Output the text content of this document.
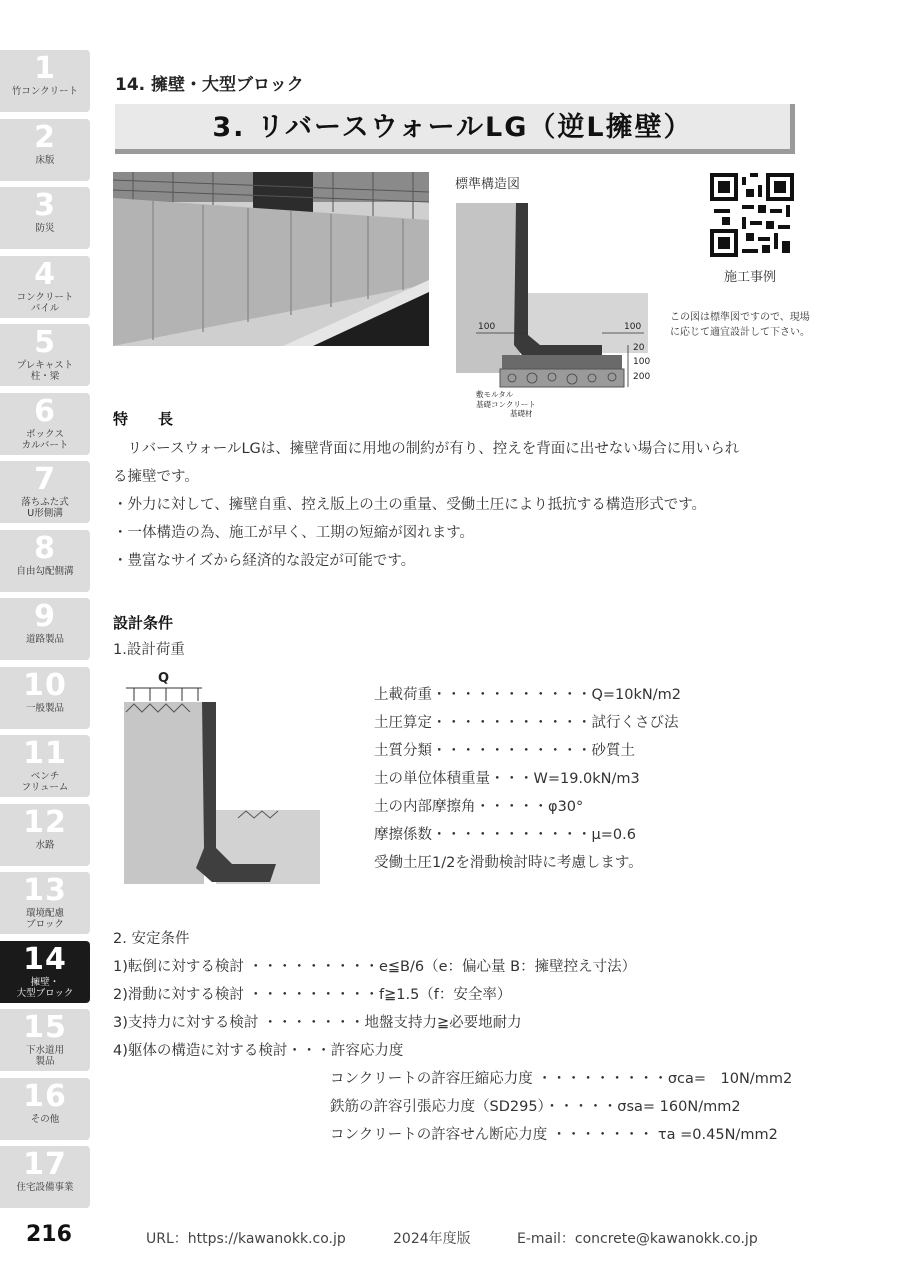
1
竹コンクリート
2
床版
3
防災
4
コンクリート
パイル
5
プレキャスト
柱・梁
6
ボックス
カルバート
7
落ちふた式
U形側溝
8
自由勾配側溝
9
道路製品
10
一般製品
11
ベンチ
フリューム
12
水路
13
環境配慮
ブロック
14
擁壁・
大型ブロック
15
下水道用
製品
16
その他
17
住宅設備事業
14. 擁壁・大型ブロック
3. リバースウォールLG（逆L擁壁）
標準構造図
100	100
20
100
200
敷モルタル
基礎コンクリート
基礎材
施工事例
この図は標準図ですので、現場に応じて適宜設計して下さい。
特　　長
　リバースウォールLGは、擁壁背面に用地の制約が有り、控えを背面に出せない場合に用いられ
る擁壁です。
・外力に対して、擁壁自重、控え版上の土の重量、受働土圧により抵抗する構造形式です。
・一体構造の為、施工が早く、工期の短縮が図れます。
・豊富なサイズから経済的な設定が可能です。
設計条件
1.設計荷重
Q
上載荷重・・・・・・・・・・・Q=10kN/m2
土圧算定・・・・・・・・・・・試行くさび法
土質分類・・・・・・・・・・・砂質土
土の単位体積重量・・・W=19.0kN/m3
土の内部摩擦角・・・・・φ30°
摩擦係数・・・・・・・・・・・μ=0.6
受働土圧1/2を滑動検討時に考慮します。
2. 安定条件
1)転倒に対する検討 ・・・・・・・・・e≦B/6（e：偏心量 B：擁壁控え寸法）
2)滑動に対する検討 ・・・・・・・・・f≧1.5（f：安全率）
3)支持力に対する検討 ・・・・・・・地盤支持力≧必要地耐力
4)躯体の構造に対する検討・・・許容応力度
コンクリートの許容圧縮応力度 ・・・・・・・・・σca=　10N/mm2
鉄筋の許容引張応力度（SD295）・・・・・σsa= 160N/mm2
コンクリートの許容せん断応力度 ・・・・・・・ τa =0.45N/mm2
216	URL：https://kawanokk.co.jp	2024年度版	E-mail：concrete@kawanokk.co.jp
